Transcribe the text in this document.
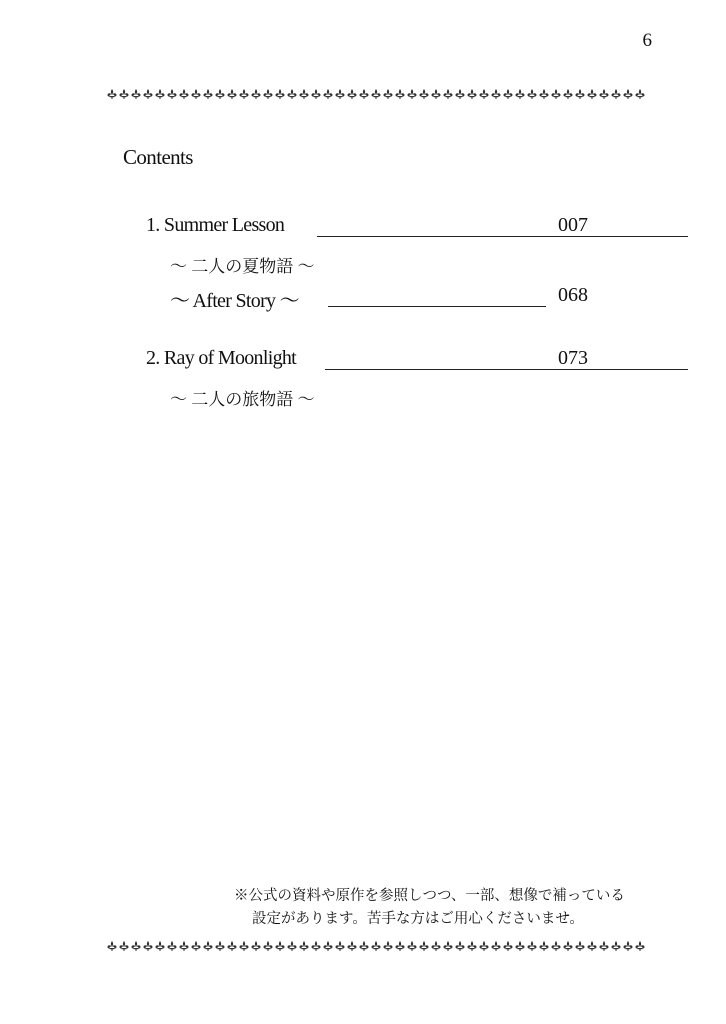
6
Contents
1. Summer Lesson	007
～ 二人の夏物語 ～
～ After Story ～	068
2. Ray of Moonlight	073
～ 二人の旅物語 ～
※公式の資料や原作を参照しつつ、一部、想像で補っている
設定があります。苦手な方はご用心くださいませ。
